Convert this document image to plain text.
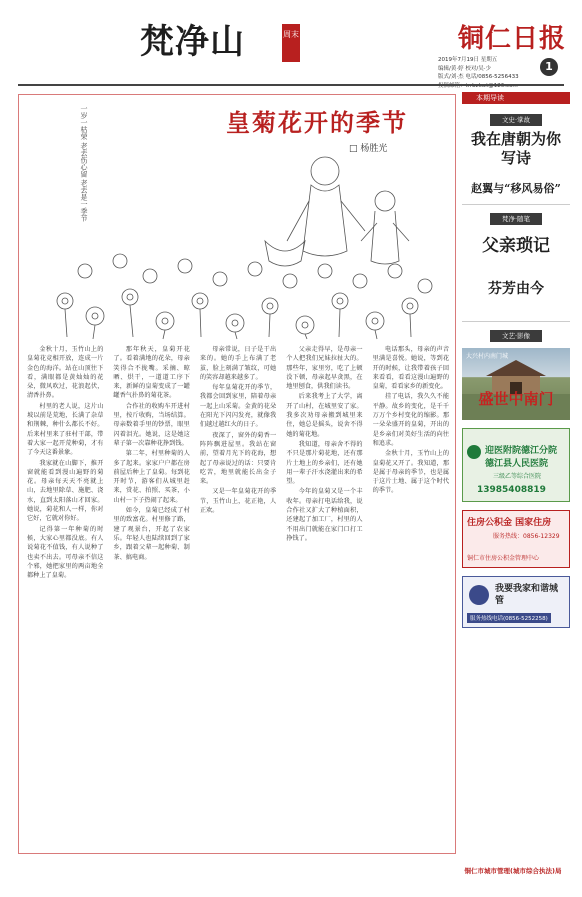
梵净山	周末	铜仁日报
2019年7月19日 星期五
编辑/黄·婷 校对/吴·少
版式/刘·杰 电话/0856-5256433
1
一岁一枯荣 老去伤心留 老去是一季节	皇菊花开的季节
□ 杨胜光

金秋十月，玉竹山上的皇菊花竞相开放，连成一片金色的海洋。站在山顶往下看，满眼都是黄灿灿的花朵，微风吹过，花浪起伏，清香扑鼻。

村里的老人说，这片山坡以前是荒地，长满了杂草和荆棘，种什么都长不好。后来村里来了驻村干部，带着大家一起开荒种菊，才有了今天这番景象。

我家就在山脚下，推开窗就能看到漫山遍野的菊花。母亲每天天不亮就上山，去地里除草、施肥、浇水，直到太阳落山才回家。她说，菊花和人一样，你对它好，它就对你好。

记得第一年种菊的时候，大家心里都没底。有人说菊花不值钱，有人说种了也卖不出去。可母亲不信这个邪，她把家里的两亩地全都种上了皇菊。

那年秋天，皇菊开花了。看着满地的花朵，母亲笑得合不拢嘴。采摘、晾晒、烘干，一道道工序下来，新鲜的皇菊变成了一罐罐香气扑鼻的菊花茶。

合作社的收购车开进村里，按斤收购，当场结算。母亲数着手里的钞票，眼里闪着泪光。她说，这是她这辈子第一次靠种花挣到钱。

第二年，村里种菊的人多了起来。家家户户都在房前屋后种上了皇菊。每到花开时节，游客们从城里赶来，赏花、拍照、买茶，小山村一下子热闹了起来。

如今，皇菊已经成了村里的致富花。村里修了路，建了观景台，开起了农家乐。年轻人也陆续回到了家乡，跟着父辈一起种菊、制茶、搞电商。

母亲常说，日子是干出来的。她的手上布满了老茧，脸上刻满了皱纹，可她的笑容却越来越多了。

每年皇菊花开的季节，我都会回到家里，陪着母亲一起上山采菊。金黄的花朵在阳光下闪闪发亮，就像我们越过越红火的日子。

夜深了，窗外的菊香一阵阵飘进屋里。我站在窗前，望着月光下的花海，想起了母亲说过的话：只要肯吃苦，地里就能长出金子来。

又是一年皇菊花开的季节，玉竹山上，花正艳，人正欢。

父亲走得早，是母亲一个人把我们兄妹拉扯大的。那些年，家里穷，吃了上顿没下顿，母亲起早贪黑，在地里刨食，供我们读书。

后来我考上了大学，离开了山村，在城里安了家。我多次劝母亲搬到城里来住，她总是摇头，说舍不得她的菊花地。

我知道，母亲舍不得的不只是那片菊花地，还有那片土地上的乡亲们，还有她用一辈子汗水浇灌出来的希望。

今年的皇菊又是一个丰收年。母亲打电话给我，说合作社又扩大了种植面积，还建起了加工厂，村里的人不用出门就能在家门口打工挣钱了。

电话那头，母亲的声音里满是喜悦。她说，等到花开的时候，让我带着孩子回来看看，看看这漫山遍野的皇菊，看看家乡的新变化。

挂了电话，我久久不能平静。故乡的变化，是千千万万个乡村变化的缩影。那一朵朵盛开的皇菊，开出的是乡亲们对美好生活的向往和追求。

金秋十月，玉竹山上的皇菊花又开了。我知道，那是属于母亲的季节，也是属于这片土地、属于这个时代的季节。

本期导读
文史·掌故
我在唐朝为你写诗
赵翼与“移风易俗”
梵净·随笔
父亲琐记
芬芳由今
文艺·影像
大兴村内南门城
盛世中南门
迎医附院德江分院
德江县人民医院
三级乙等综合医院
13985408819
住房公积金 国家住房
服务热线：0856-12329
铜仁市住房公积金管理中心
我要我家和谐城管
服务热线电话(0856-5252258)
铜仁市城市管理(城市综合执法)局
